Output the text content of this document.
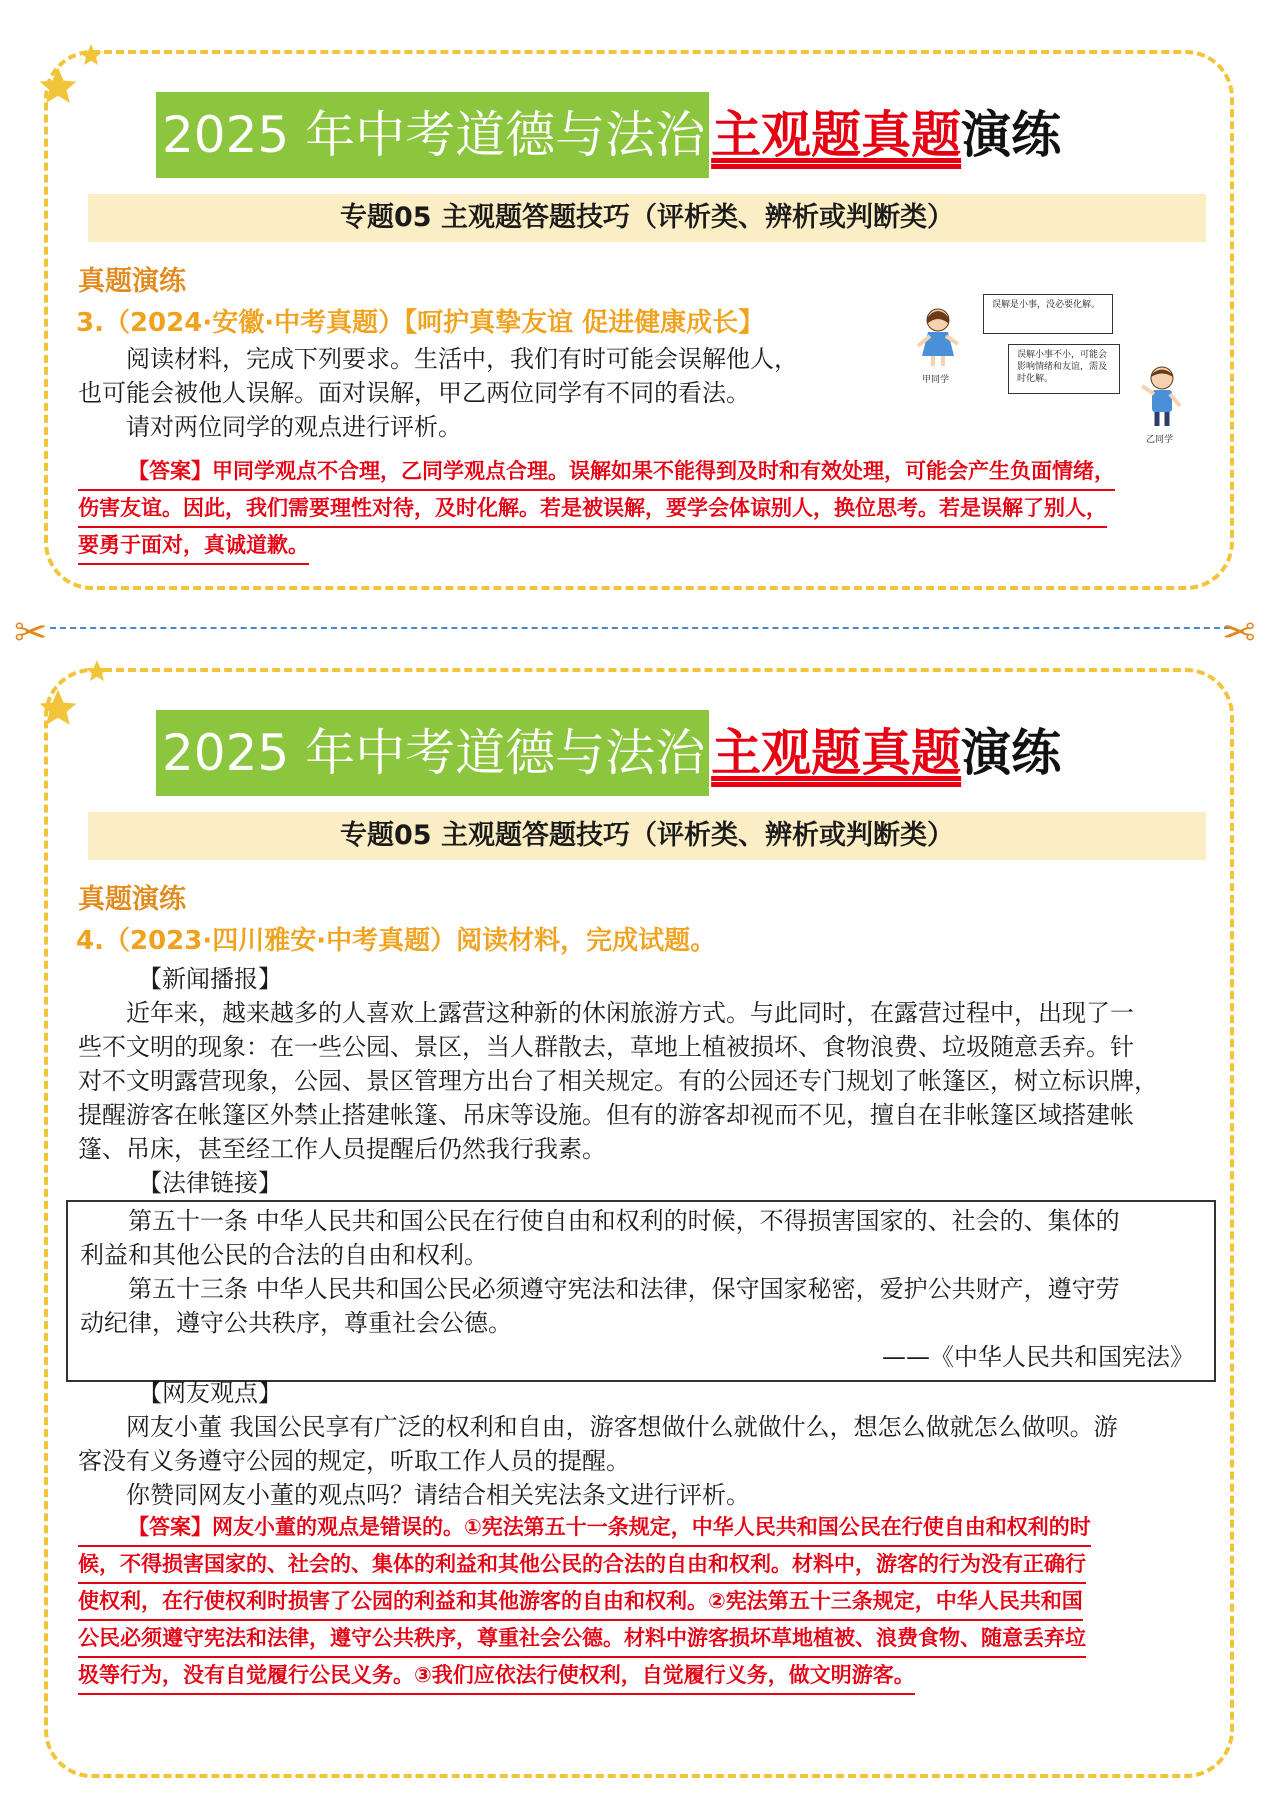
2025 年中考道德与法治 主观题真题 演练
专题05 主观题答题技巧（评析类、辨析或判断类）
真题演练
3.（2024·安徽·中考真题）【呵护真挚友谊 促进健康成长】
阅读材料，完成下列要求。生活中，我们有时可能会误解他人，
也可能会被他人误解。面对误解，甲乙两位同学有不同的看法。
请对两位同学的观点进行评析。
误解是小事，没必要化解。
误解小事不小，可能会影响情绪和友谊，需及时化解。
甲同学
乙同学
【答案】甲同学观点不合理，乙同学观点合理。误解如果不能得到及时和有效处理，可能会产生负面情绪，
伤害友谊。因此，我们需要理性对待，及时化解。若是被误解，要学会体谅别人，换位思考。若是误解了别人，
要勇于面对，真诚道歉。
✂	✂
2025 年中考道德与法治 主观题真题 演练
专题05 主观题答题技巧（评析类、辨析或判断类）
真题演练
4.（2023·四川雅安·中考真题）阅读材料，完成试题。
【新闻播报】
近年来，越来越多的人喜欢上露营这种新的休闲旅游方式。与此同时，在露营过程中，出现了一
些不文明的现象：在一些公园、景区，当人群散去，草地上植被损坏、食物浪费、垃圾随意丢弃。针
对不文明露营现象，公园、景区管理方出台了相关规定。有的公园还专门规划了帐篷区，树立标识牌，
提醒游客在帐篷区外禁止搭建帐篷、吊床等设施。但有的游客却视而不见，擅自在非帐篷区域搭建帐
篷、吊床，甚至经工作人员提醒后仍然我行我素。
【法律链接】
第五十一条 中华人民共和国公民在行使自由和权利的时候，不得损害国家的、社会的、集体的
利益和其他公民的合法的自由和权利。
第五十三条 中华人民共和国公民必须遵守宪法和法律，保守国家秘密，爱护公共财产，遵守劳
动纪律，遵守公共秩序，尊重社会公德。
——《中华人民共和国宪法》
【网友观点】
网友小董 我国公民享有广泛的权利和自由，游客想做什么就做什么，想怎么做就怎么做呗。游
客没有义务遵守公园的规定，听取工作人员的提醒。
你赞同网友小董的观点吗？请结合相关宪法条文进行评析。
【答案】网友小董的观点是错误的。①宪法第五十一条规定，中华人民共和国公民在行使自由和权利的时
候，不得损害国家的、社会的、集体的利益和其他公民的合法的自由和权利。材料中，游客的行为没有正确行
使权利，在行使权利时损害了公园的利益和其他游客的自由和权利。②宪法第五十三条规定，中华人民共和国
公民必须遵守宪法和法律，遵守公共秩序，尊重社会公德。材料中游客损坏草地植被、浪费食物、随意丢弃垃
圾等行为，没有自觉履行公民义务。③我们应依法行使权利，自觉履行义务，做文明游客。
